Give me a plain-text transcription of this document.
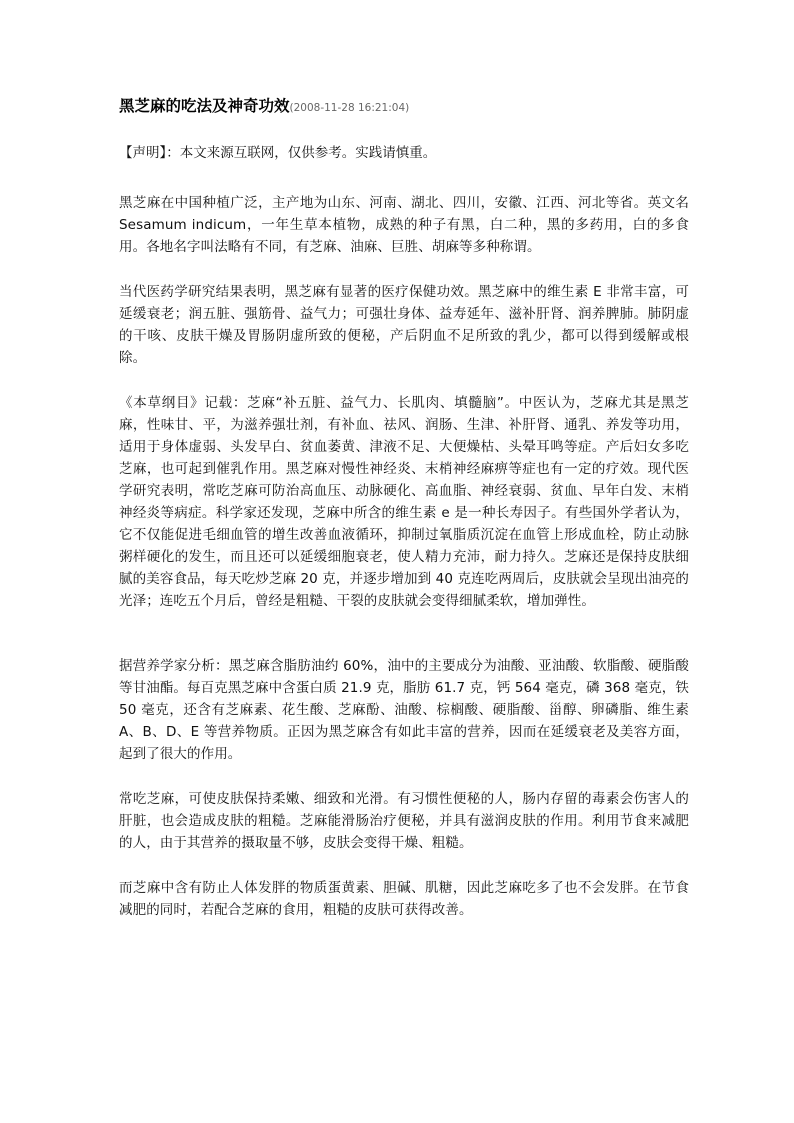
黑芝麻的吃法及神奇功效(2008-11-28 16:21:04)

【声明】：本文来源互联网，仅供参考。实践请慎重。

黑芝麻在中国种植广泛，主产地为山东、河南、湖北、四川，安徽、江西、河北等省。英文名 Sesamum indicum，一年生草本植物，成熟的种子有黑，白二种，黑的多药用，白的多食用。各地名字叫法略有不同，有芝麻、油麻、巨胜、胡麻等多种称谓。

当代医药学研究结果表明，黑芝麻有显著的医疗保健功效。黑芝麻中的维生素 E 非常丰富，可延缓衰老；润五脏、强筋骨、益气力；可强壮身体、益寿延年、滋补肝肾、润养脾肺。肺阴虚的干咳、皮肤干燥及胃肠阴虚所致的便秘，产后阴血不足所致的乳少，都可以得到缓解或根除。

《本草纲目》记载：芝麻“补五脏、益气力、长肌肉、填髓脑”。中医认为，芝麻尤其是黑芝麻，性味甘、平，为滋养强壮剂，有补血、祛风、润肠、生津、补肝肾、通乳、养发等功用，适用于身体虚弱、头发早白、贫血萎黄、津液不足、大便燥枯、头晕耳鸣等症。产后妇女多吃芝麻，也可起到催乳作用。黑芝麻对慢性神经炎、末梢神经麻痹等症也有一定的疗效。现代医学研究表明，常吃芝麻可防治高血压、动脉硬化、高血脂、神经衰弱、贫血、早年白发、末梢神经炎等病症。科学家还发现，芝麻中所含的维生素 e 是一种长寿因子。有些国外学者认为，它不仅能促进毛细血管的增生改善血液循环，抑制过氧脂质沉淀在血管上形成血栓，防止动脉粥样硬化的发生，而且还可以延缓细胞衰老，使人精力充沛，耐力持久。芝麻还是保持皮肤细腻的美容食品，每天吃炒芝麻 20 克，并逐步增加到 40 克连吃两周后，皮肤就会呈现出油亮的光泽；连吃五个月后，曾经是粗糙、干裂的皮肤就会变得细腻柔软，增加弹性。

据营养学家分析：黑芝麻含脂肪油约 60%，油中的主要成分为油酸、亚油酸、软脂酸、硬脂酸等甘油酯。每百克黑芝麻中含蛋白质 21.9 克，脂肪 61.7 克，钙 564 毫克，磷 368 毫克，铁 50 毫克，还含有芝麻素、花生酸、芝麻酚、油酸、棕榈酸、硬脂酸、甾醇、卵磷脂、维生素 A、B、D、E 等营养物质。正因为黑芝麻含有如此丰富的营养，因而在延缓衰老及美容方面，起到了很大的作用。

常吃芝麻，可使皮肤保持柔嫩、细致和光滑。有习惯性便秘的人，肠内存留的毒素会伤害人的肝脏，也会造成皮肤的粗糙。芝麻能滑肠治疗便秘，并具有滋润皮肤的作用。利用节食来减肥的人，由于其营养的摄取量不够，皮肤会变得干燥、粗糙。

而芝麻中含有防止人体发胖的物质蛋黄素、胆碱、肌糖，因此芝麻吃多了也不会发胖。在节食减肥的同时，若配合芝麻的食用，粗糙的皮肤可获得改善。
